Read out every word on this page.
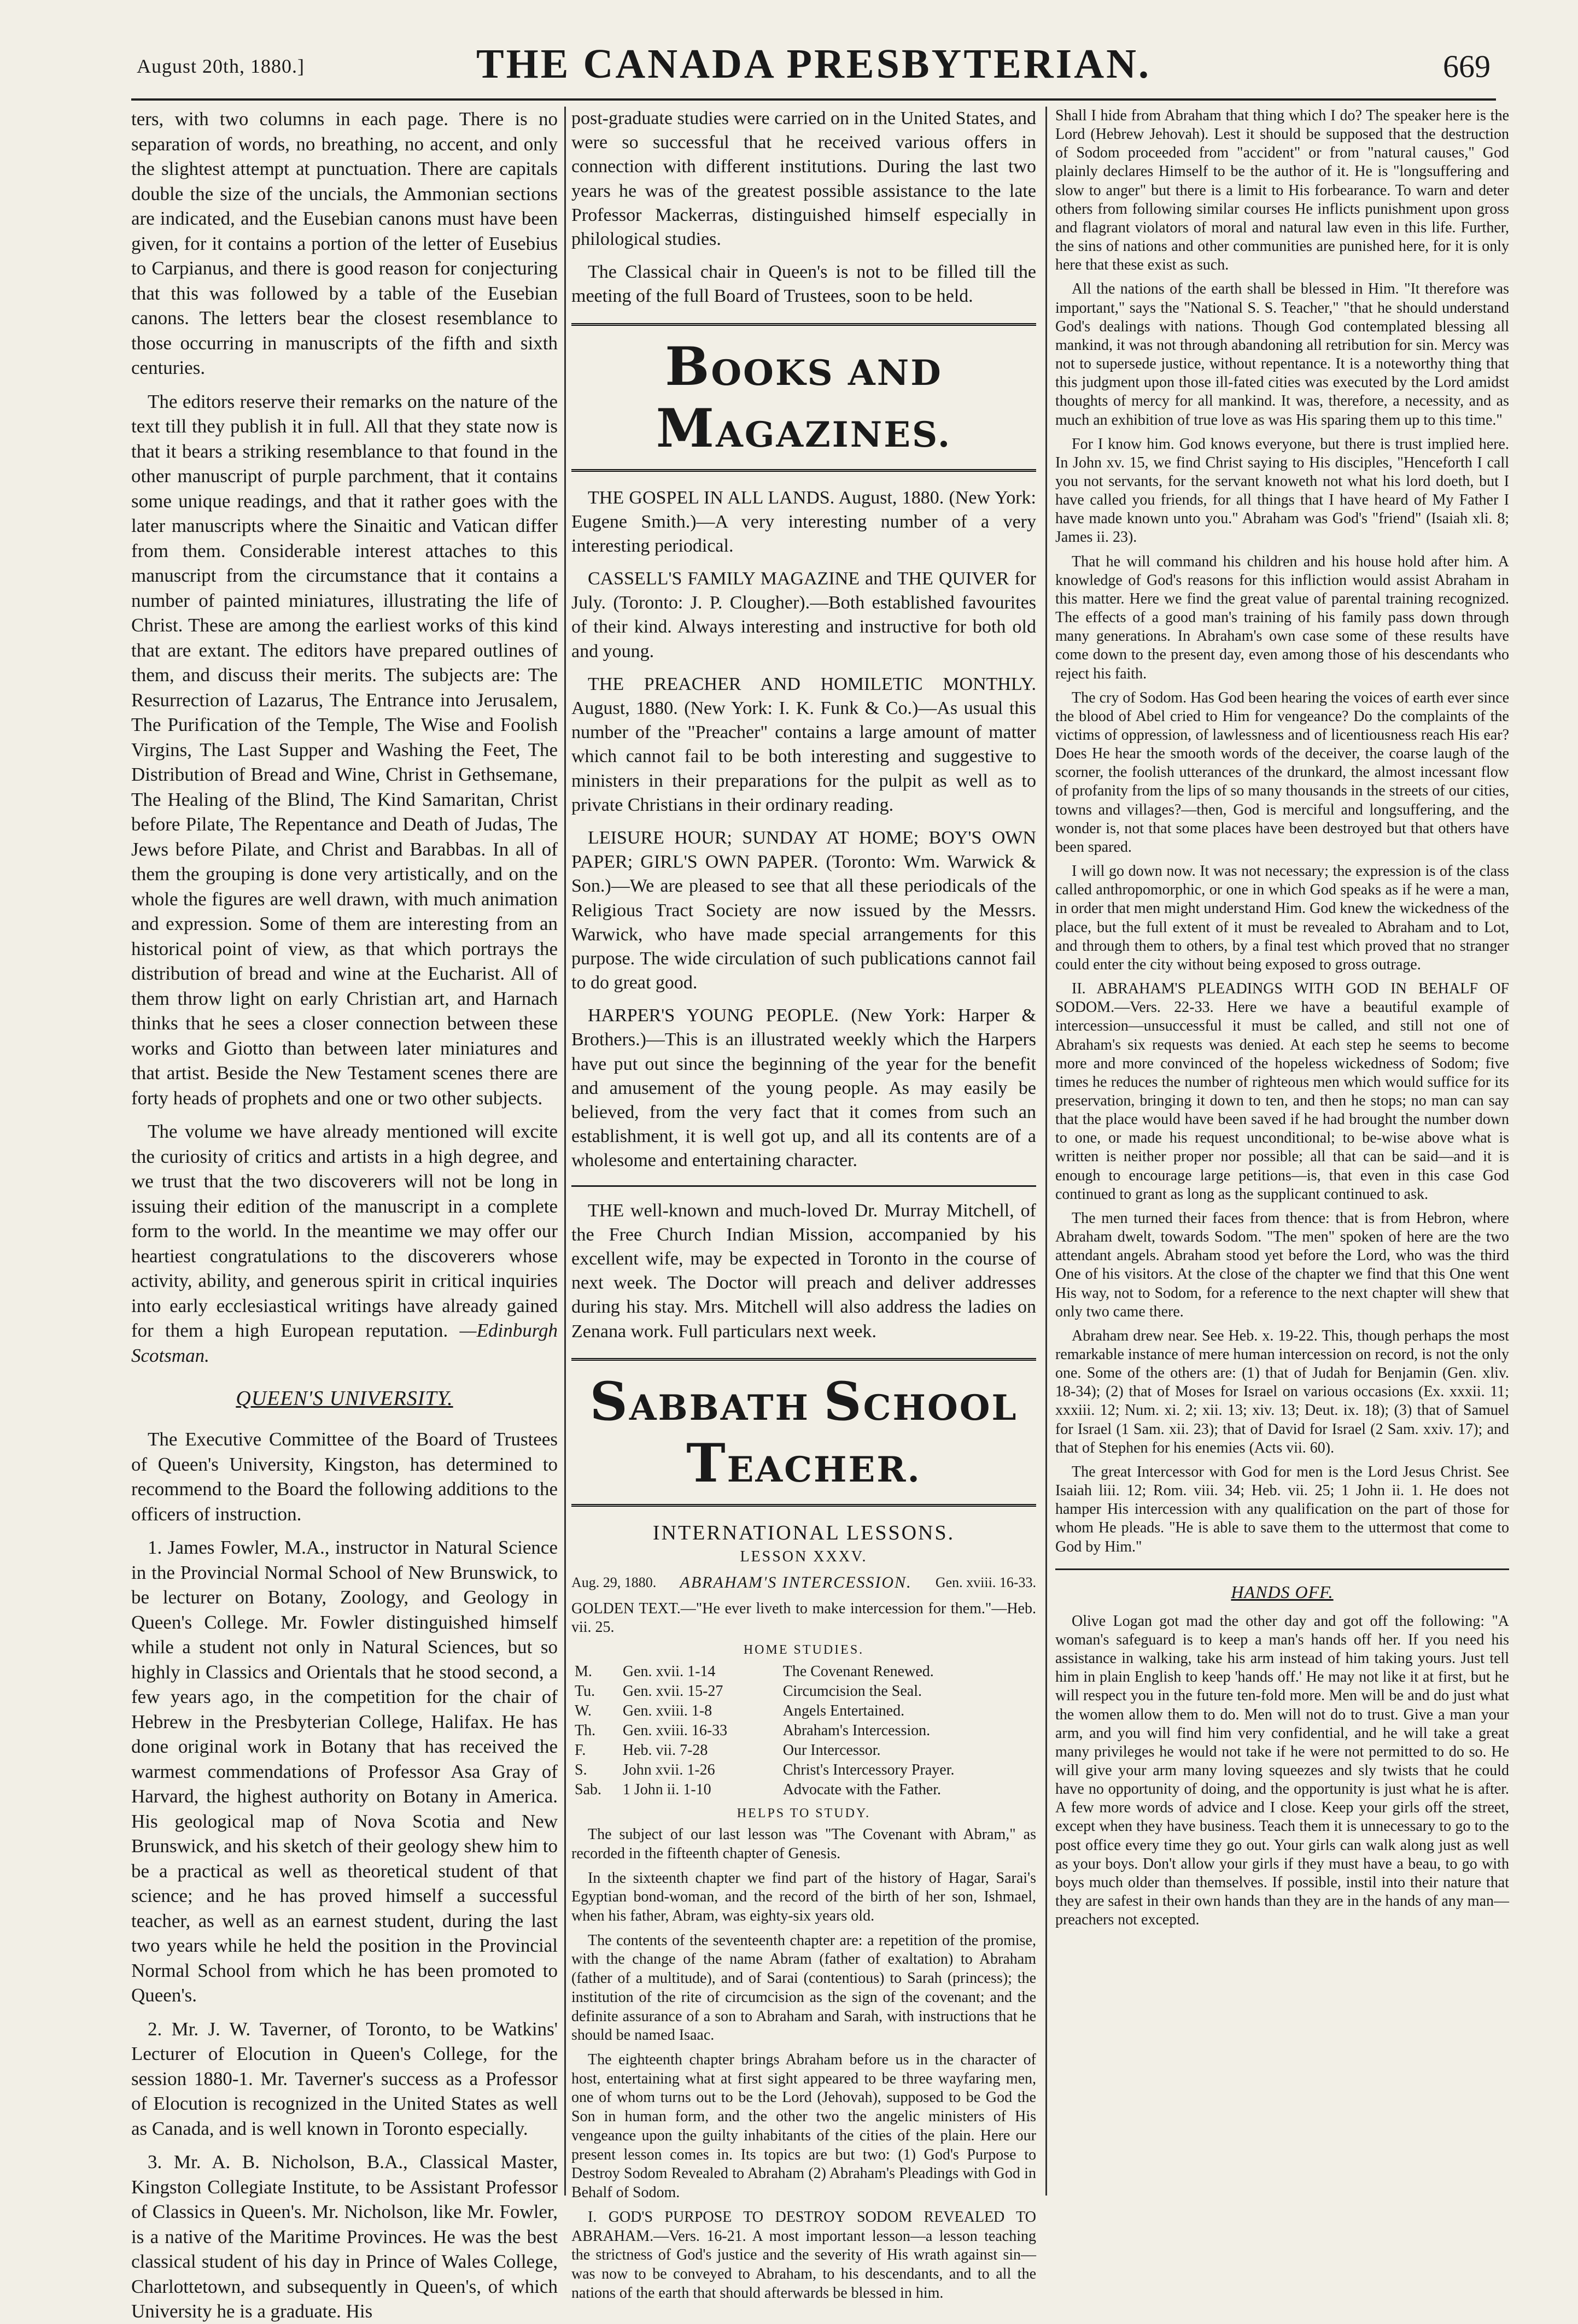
August 20th, 1880.]	THE CANADA PRESBYTERIAN.	669

ters, with two columns in each page. There is no separation of words, no breathing, no accent, and only the slightest attempt at punctuation. There are capitals double the size of the uncials, the Ammonian sections are indicated, and the Eusebian canons must have been given, for it contains a portion of the letter of Eusebius to Carpianus, and there is good reason for conjecturing that this was followed by a table of the Eusebian canons. The letters bear the closest resemblance to those occurring in manuscripts of the fifth and sixth centuries.

The editors reserve their remarks on the nature of the text till they publish it in full. All that they state now is that it bears a striking resemblance to that found in the other manuscript of purple parchment, that it contains some unique readings, and that it rather goes with the later manuscripts where the Sinaitic and Vatican differ from them. Considerable interest attaches to this manuscript from the circumstance that it contains a number of painted miniatures, illustrating the life of Christ. These are among the earliest works of this kind that are extant. The editors have prepared outlines of them, and discuss their merits. The subjects are: The Resurrection of Lazarus, The Entrance into Jerusalem, The Purification of the Temple, The Wise and Foolish Virgins, The Last Supper and Washing the Feet, The Distribution of Bread and Wine, Christ in Gethsemane, The Healing of the Blind, The Kind Samaritan, Christ before Pilate, The Repentance and Death of Judas, The Jews before Pilate, and Christ and Barabbas. In all of them the grouping is done very artistically, and on the whole the figures are well drawn, with much animation and expression. Some of them are interesting from an historical point of view, as that which portrays the distribution of bread and wine at the Eucharist. All of them throw light on early Christian art, and Harnach thinks that he sees a closer connection between these works and Giotto than between later miniatures and that artist. Beside the New Testament scenes there are forty heads of prophets and one or two other subjects.

The volume we have already mentioned will excite the curiosity of critics and artists in a high degree, and we trust that the two discoverers will not be long in issuing their edition of the manuscript in a complete form to the world. In the meantime we may offer our heartiest congratulations to the discoverers whose activity, ability, and generous spirit in critical inquiries into early ecclesiastical writings have already gained for them a high European reputation. —Edinburgh Scotsman.

QUEEN'S UNIVERSITY.

The Executive Committee of the Board of Trustees of Queen's University, Kingston, has determined to recommend to the Board the following additions to the officers of instruction.

1. James Fowler, M.A., instructor in Natural Science in the Provincial Normal School of New Brunswick, to be lecturer on Botany, Zoology, and Geology in Queen's College. Mr. Fowler distinguished himself while a student not only in Natural Sciences, but so highly in Classics and Orientals that he stood second, a few years ago, in the competition for the chair of Hebrew in the Presbyterian College, Halifax. He has done original work in Botany that has received the warmest commendations of Professor Asa Gray of Harvard, the highest authority on Botany in America. His geological map of Nova Scotia and New Brunswick, and his sketch of their geology shew him to be a practical as well as theoretical student of that science; and he has proved himself a successful teacher, as well as an earnest student, during the last two years while he held the position in the Provincial Normal School from which he has been promoted to Queen's.

2. Mr. J. W. Taverner, of Toronto, to be Watkins' Lecturer of Elocution in Queen's College, for the session 1880-1. Mr. Taverner's success as a Professor of Elocution is recognized in the United States as well as Canada, and is well known in Toronto especially.

3. Mr. A. B. Nicholson, B.A., Classical Master, Kingston Collegiate Institute, to be Assistant Professor of Classics in Queen's. Mr. Nicholson, like Mr. Fowler, is a native of the Maritime Provinces. He was the best classical student of his day in Prince of Wales College, Charlottetown, and subsequently in Queen's, of which University he is a graduate. His

post-graduate studies were carried on in the United States, and were so successful that he received various offers in connection with different institutions. During the last two years he was of the greatest possible assistance to the late Professor Mackerras, distinguished himself especially in philological studies.

The Classical chair in Queen's is not to be filled till the meeting of the full Board of Trustees, soon to be held.

BOOKS AND MAGAZINES.

THE GOSPEL IN ALL LANDS. August, 1880. (New York: Eugene Smith.)—A very interesting number of a very interesting periodical.

CASSELL'S FAMILY MAGAZINE and THE QUIVER for July. (Toronto: J. P. Clougher).—Both established favourites of their kind. Always interesting and instructive for both old and young.

THE PREACHER AND HOMILETIC MONTHLY. August, 1880. (New York: I. K. Funk & Co.)—As usual this number of the "Preacher" contains a large amount of matter which cannot fail to be both interesting and suggestive to ministers in their preparations for the pulpit as well as to private Christians in their ordinary reading.

LEISURE HOUR; SUNDAY AT HOME; BOY'S OWN PAPER; GIRL'S OWN PAPER. (Toronto: Wm. Warwick & Son.)—We are pleased to see that all these periodicals of the Religious Tract Society are now issued by the Messrs. Warwick, who have made special arrangements for this purpose. The wide circulation of such publications cannot fail to do great good.

HARPER'S YOUNG PEOPLE. (New York: Harper & Brothers.)—This is an illustrated weekly which the Harpers have put out since the beginning of the year for the benefit and amusement of the young people. As may easily be believed, from the very fact that it comes from such an establishment, it is well got up, and all its contents are of a wholesome and entertaining character.

THE well-known and much-loved Dr. Murray Mitchell, of the Free Church Indian Mission, accompanied by his excellent wife, may be expected in Toronto in the course of next week. The Doctor will preach and deliver addresses during his stay. Mrs. Mitchell will also address the ladies on Zenana work. Full particulars next week.

SABBATH SCHOOL TEACHER.
INTERNATIONAL LESSONS.
LESSON XXXV.
Aug. 29, 1880. ABRAHAM'S INTERCESSION. Gen. xviii. 16-33.

GOLDEN TEXT.—"He ever liveth to make intercession for them."—Heb. vii. 25.

HOME STUDIES.
M.	Gen. xvii. 1-14	The Covenant Renewed.
Tu.	Gen. xvii. 15-27	Circumcision the Seal.
W.	Gen. xviii. 1-8	Angels Entertained.
Th.	Gen. xviii. 16-33	Abraham's Intercession.
F.	Heb. vii. 7-28	Our Intercessor.
S.	John xvii. 1-26	Christ's Intercessory Prayer.
Sab.	1 John ii. 1-10	Advocate with the Father.
HELPS TO STUDY.

The subject of our last lesson was "The Covenant with Abram," as recorded in the fifteenth chapter of Genesis.

In the sixteenth chapter we find part of the history of Hagar, Sarai's Egyptian bond-woman, and the record of the birth of her son, Ishmael, when his father, Abram, was eighty-six years old.

The contents of the seventeenth chapter are: a repetition of the promise, with the change of the name Abram (father of exaltation) to Abraham (father of a multitude), and of Sarai (contentious) to Sarah (princess); the institution of the rite of circumcision as the sign of the covenant; and the definite assurance of a son to Abraham and Sarah, with instructions that he should be named Isaac.

The eighteenth chapter brings Abraham before us in the character of host, entertaining what at first sight appeared to be three wayfaring men, one of whom turns out to be the Lord (Jehovah), supposed to be God the Son in human form, and the other two the angelic ministers of His vengeance upon the guilty inhabitants of the cities of the plain. Here our present lesson comes in. Its topics are but two: (1) God's Purpose to Destroy Sodom Revealed to Abraham (2) Abraham's Pleadings with God in Behalf of Sodom.

I. GOD'S PURPOSE TO DESTROY SODOM REVEALED TO ABRAHAM.—Vers. 16-21. A most important lesson—a lesson teaching the strictness of God's justice and the severity of His wrath against sin—was now to be conveyed to Abraham, to his descendants, and to all the nations of the earth that should afterwards be blessed in him.

Shall I hide from Abraham that thing which I do? The speaker here is the Lord (Hebrew Jehovah). Lest it should be supposed that the destruction of Sodom proceeded from "accident" or from "natural causes," God plainly declares Himself to be the author of it. He is "longsuffering and slow to anger" but there is a limit to His forbearance. To warn and deter others from following similar courses He inflicts punishment upon gross and flagrant violators of moral and natural law even in this life. Further, the sins of nations and other communities are punished here, for it is only here that these exist as such.

All the nations of the earth shall be blessed in Him. "It therefore was important," says the "National S. S. Teacher," "that he should understand God's dealings with nations. Though God contemplated blessing all mankind, it was not through abandoning all retribution for sin. Mercy was not to supersede justice, without repentance. It is a noteworthy thing that this judgment upon those ill-fated cities was executed by the Lord amidst thoughts of mercy for all mankind. It was, therefore, a necessity, and as much an exhibition of true love as was His sparing them up to this time."

For I know him. God knows everyone, but there is trust implied here. In John xv. 15, we find Christ saying to His disciples, "Henceforth I call you not servants, for the servant knoweth not what his lord doeth, but I have called you friends, for all things that I have heard of My Father I have made known unto you." Abraham was God's "friend" (Isaiah xli. 8; James ii. 23).

That he will command his children and his house hold after him. A knowledge of God's reasons for this infliction would assist Abraham in this matter. Here we find the great value of parental training recognized. The effects of a good man's training of his family pass down through many generations. In Abraham's own case some of these results have come down to the present day, even among those of his descendants who reject his faith.

The cry of Sodom. Has God been hearing the voices of earth ever since the blood of Abel cried to Him for vengeance? Do the complaints of the victims of oppression, of lawlessness and of licentiousness reach His ear? Does He hear the smooth words of the deceiver, the coarse laugh of the scorner, the foolish utterances of the drunkard, the almost incessant flow of profanity from the lips of so many thousands in the streets of our cities, towns and villages?—then, God is merciful and longsuffering, and the wonder is, not that some places have been destroyed but that others have been spared.

I will go down now. It was not necessary; the expression is of the class called anthropomorphic, or one in which God speaks as if he were a man, in order that men might understand Him. God knew the wickedness of the place, but the full extent of it must be revealed to Abraham and to Lot, and through them to others, by a final test which proved that no stranger could enter the city without being exposed to gross outrage.

II. ABRAHAM'S PLEADINGS WITH GOD IN BEHALF OF SODOM.—Vers. 22-33. Here we have a beautiful example of intercession—unsuccessful it must be called, and still not one of Abraham's six requests was denied. At each step he seems to become more and more convinced of the hopeless wickedness of Sodom; five times he reduces the number of righteous men which would suffice for its preservation, bringing it down to ten, and then he stops; no man can say that the place would have been saved if he had brought the number down to one, or made his request unconditional; to be-wise above what is written is neither proper nor possible; all that can be said—and it is enough to encourage large petitions—is, that even in this case God continued to grant as long as the supplicant continued to ask.

The men turned their faces from thence: that is from Hebron, where Abraham dwelt, towards Sodom. "The men" spoken of here are the two attendant angels. Abraham stood yet before the Lord, who was the third One of his visitors. At the close of the chapter we find that this One went His way, not to Sodom, for a reference to the next chapter will shew that only two came there.

Abraham drew near. See Heb. x. 19-22. This, though perhaps the most remarkable instance of mere human intercession on record, is not the only one. Some of the others are: (1) that of Judah for Benjamin (Gen. xliv. 18-34); (2) that of Moses for Israel on various occasions (Ex. xxxii. 11; xxxiii. 12; Num. xi. 2; xii. 13; xiv. 13; Deut. ix. 18); (3) that of Samuel for Israel (1 Sam. xii. 23); that of David for Israel (2 Sam. xxiv. 17); and that of Stephen for his enemies (Acts vii. 60).

The great Intercessor with God for men is the Lord Jesus Christ. See Isaiah liii. 12; Rom. viii. 34; Heb. vii. 25; 1 John ii. 1. He does not hamper His intercession with any qualification on the part of those for whom He pleads. "He is able to save them to the uttermost that come to God by Him."

HANDS OFF.

Olive Logan got mad the other day and got off the following: "A woman's safeguard is to keep a man's hands off her. If you need his assistance in walking, take his arm instead of him taking yours. Just tell him in plain English to keep 'hands off.' He may not like it at first, but he will respect you in the future ten-fold more. Men will be and do just what the women allow them to do. Men will not do to trust. Give a man your arm, and you will find him very confidential, and he will take a great many privileges he would not take if he were not permitted to do so. He will give your arm many loving squeezes and sly twists that he could have no opportunity of doing, and the opportunity is just what he is after. A few more words of advice and I close. Keep your girls off the street, except when they have business. Teach them it is unnecessary to go to the post office every time they go out. Your girls can walk along just as well as your boys. Don't allow your girls if they must have a beau, to go with boys much older than themselves. If possible, instil into their nature that they are safest in their own hands than they are in the hands of any man—preachers not excepted.
